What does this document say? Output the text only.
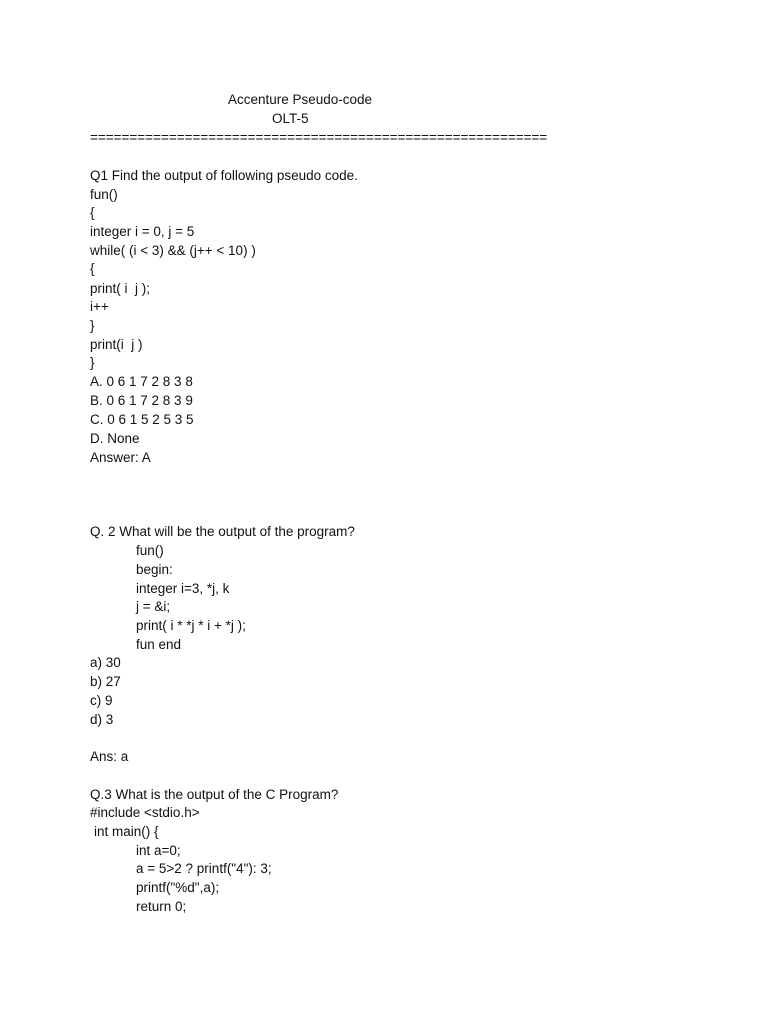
Accenture Pseudo-code
OLT-5
==========================================================
Q1 Find the output of following pseudo code.
fun()
{
integer i = 0, j = 5
while( (i < 3) && (j++ < 10) )
{
print( i  j );
i++
}
print(i  j )
}
A. 0 6 1 7 2 8 3 8
B. 0 6 1 7 2 8 3 9
C. 0 6 1 5 2 5 3 5
D. None
Answer: A
Q. 2 What will be the output of the program?
fun()
begin:
integer i=3, *j, k
j = &i;
print( i * *j * i + *j );
fun end
a) 30
b) 27
c) 9
d) 3
Ans: a
Q.3 What is the output of the C Program?
#include <stdio.h>
int main() {
int a=0;
a = 5>2 ? printf("4"): 3;
printf("%d",a);
return 0;
